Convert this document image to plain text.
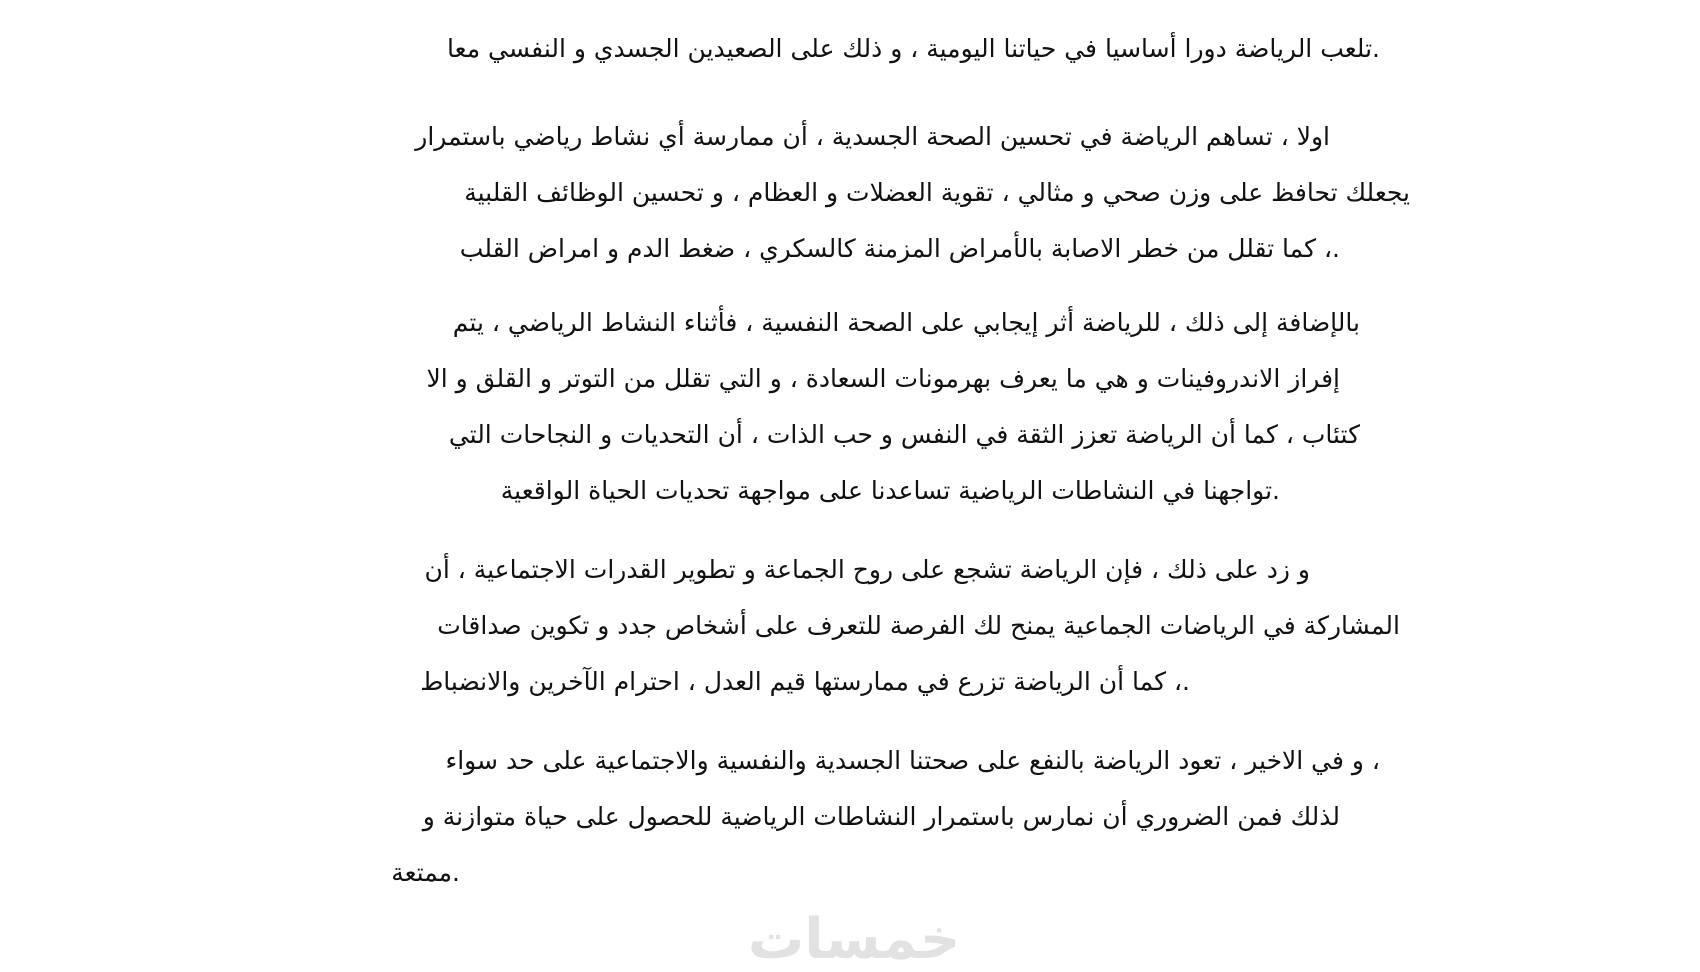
.تلعب الرياضة دورا أساسيا في حياتنا اليومية ، و ذلك على الصعيدين الجسدي و النفسي معا
اولا ، تساهم الرياضة في تحسين الصحة الجسدية ، أن ممارسة أي نشاط رياضي باستمرار
يجعلك تحافظ على وزن صحي و مثالي ، تقوية العضلات و العظام ، و تحسين الوظائف القلبية
.، كما تقلل من خطر الاصابة بالأمراض المزمنة كالسكري ، ضغط الدم و امراض القلب
بالإضافة إلى ذلك ، للرياضة أثر إيجابي على الصحة النفسية ، فأثناء النشاط الرياضي ، يتم
إفراز الاندروفينات و هي ما يعرف بهرمونات السعادة ، و التي تقلل من التوتر و القلق و الا
كتئاب ، كما أن الرياضة تعزز الثقة في النفس و حب الذات ، أن التحديات و النجاحات التي
.تواجهنا في النشاطات الرياضية تساعدنا على مواجهة تحديات الحياة الواقعية
و زد على ذلك ، فإن الرياضة تشجع على روح الجماعة و تطوير القدرات الاجتماعية ، أن
المشاركة في الرياضات الجماعية يمنح لك الفرصة للتعرف على أشخاص جدد و تكوين صداقات
.، كما أن الرياضة تزرع في ممارستها قيم العدل ، احترام الآخرين والانضباط
، و في الاخير ، تعود الرياضة بالنفع على صحتنا الجسدية والنفسية والاجتماعية على حد سواء
لذلك فمن الضروري أن نمارس باستمرار النشاطات الرياضية للحصول على حياة متوازنة و
.ممتعة
خمسات
